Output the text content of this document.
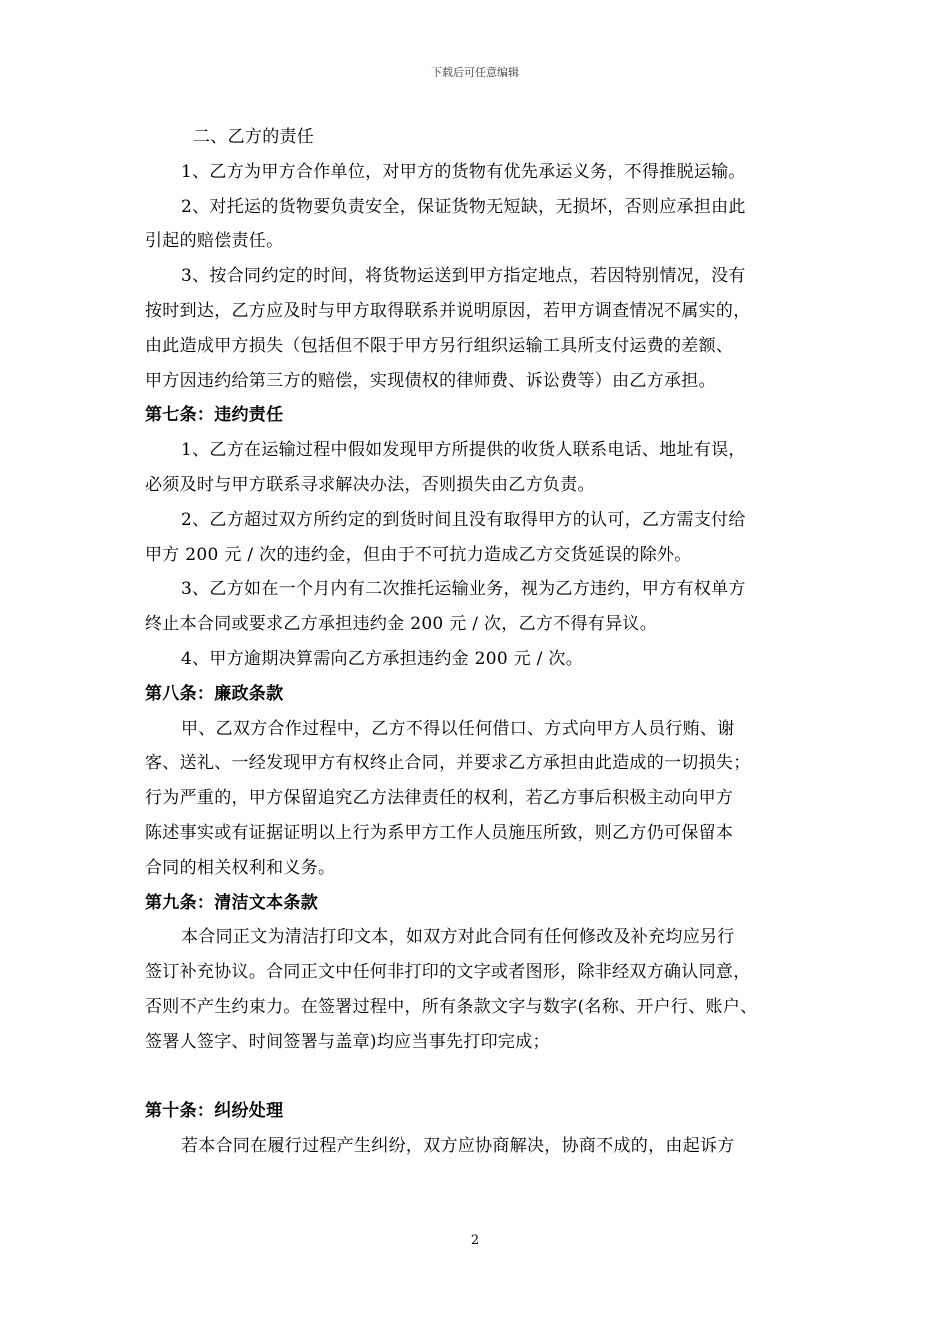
下载后可任意编辑
二、乙方的责任
1、乙方为甲方合作单位，对甲方的货物有优先承运义务，不得推脱运输。
2、对托运的货物要负责安全，保证货物无短缺，无损坏，否则应承担由此
引起的赔偿责任。
3、按合同约定的时间，将货物运送到甲方指定地点，若因特别情况，没有
按时到达，乙方应及时与甲方取得联系并说明原因，若甲方调查情况不属实的，
由此造成甲方损失（包括但不限于甲方另行组织运输工具所支付运费的差额、
甲方因违约给第三方的赔偿，实现债权的律师费、诉讼费等）由乙方承担。
第七条：违约责任
1、乙方在运输过程中假如发现甲方所提供的收货人联系电话、地址有误，
必须及时与甲方联系寻求解决办法，否则损失由乙方负责。
2、乙方超过双方所约定的到货时间且没有取得甲方的认可，乙方需支付给
甲方 200 元 / 次的违约金，但由于不可抗力造成乙方交货延误的除外。
3、乙方如在一个月内有二次推托运输业务，视为乙方违约，甲方有权单方
终止本合同或要求乙方承担违约金 200 元 / 次，乙方不得有异议。
4、甲方逾期决算需向乙方承担违约金 200 元 / 次。
第八条：廉政条款
甲、乙双方合作过程中，乙方不得以任何借口、方式向甲方人员行贿、谢
客、送礼、一经发现甲方有权终止合同，并要求乙方承担由此造成的一切损失；
行为严重的，甲方保留追究乙方法律责任的权利，若乙方事后积极主动向甲方
陈述事实或有证据证明以上行为系甲方工作人员施压所致，则乙方仍可保留本
合同的相关权利和义务。
第九条：清洁文本条款
本合同正文为清洁打印文本，如双方对此合同有任何修改及补充均应另行
签订补充协议。合同正文中任何非打印的文字或者图形，除非经双方确认同意，
否则不产生约束力。在签署过程中，所有条款文字与数字(名称、开户行、账户、
签署人签字、时间签署与盖章)均应当事先打印完成；
第十条：纠纷处理
若本合同在履行过程产生纠纷，双方应协商解决，协商不成的，由起诉方
2
